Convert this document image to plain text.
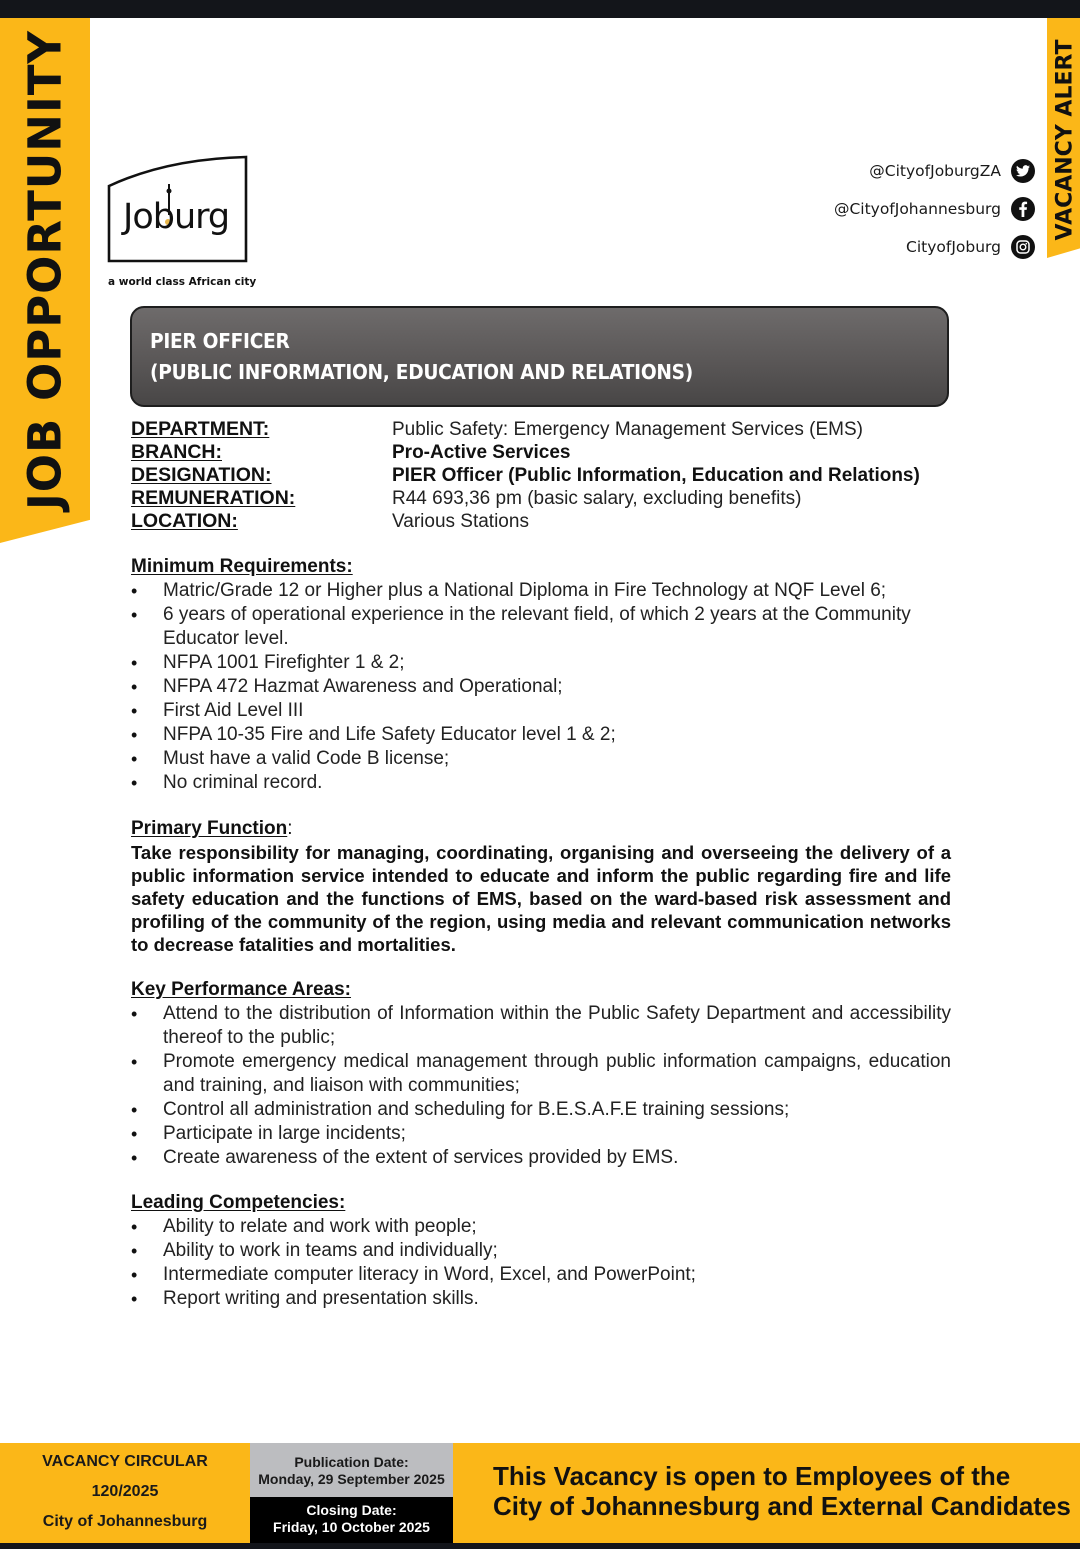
JOB OPPORTUNITY	VACANCY ALERT
Joburg
a world class African city
@CityofJoburgZA
@CityofJohannesburg
CityofJoburg
PIER OFFICER
(PUBLIC INFORMATION, EDUCATION AND RELATIONS)
DEPARTMENT:	Public Safety: Emergency Management Services (EMS)
BRANCH:	Pro-Active Services
DESIGNATION:	PIER Officer (Public Information, Education and Relations)
REMUNERATION:	R44 693,36 pm (basic salary, excluding benefits)
LOCATION:	Various Stations
Minimum Requirements:
• Matric/Grade 12 or Higher plus a National Diploma in Fire Technology at NQF Level 6;
• 6 years of operational experience in the relevant field, of which 2 years at the Community Educator level.
• NFPA 1001 Firefighter 1 & 2;
• NFPA 472 Hazmat Awareness and Operational;
• First Aid Level III
• NFPA 10-35 Fire and Life Safety Educator level 1 & 2;
• Must have a valid Code B license;
• No criminal record.
Primary Function:
Take responsibility for managing, coordinating, organising and overseeing the delivery of a public information service intended to educate and inform the public regarding fire and life safety education and the functions of EMS, based on the ward-based risk assessment and profiling of the community of the region, using media and relevant communication networks to decrease fatalities and mortalities.
Key Performance Areas:
• Attend to the distribution of Information within the Public Safety Department and accessibility thereof to the public;
• Promote emergency medical management through public information campaigns, education and training, and liaison with communities;
• Control all administration and scheduling for B.E.S.A.F.E training sessions;
• Participate in large incidents;
• Create awareness of the extent of services provided by EMS.
Leading Competencies:
• Ability to relate and work with people;
• Ability to work in teams and individually;
• Intermediate computer literacy in Word, Excel, and PowerPoint;
• Report writing and presentation skills.
VACANCY CIRCULAR
120/2025
City of Johannesburg
Publication Date:
Monday, 29 September 2025
Closing Date:
Friday, 10 October 2025
This Vacancy is open to Employees of the
City of Johannesburg and External Candidates
